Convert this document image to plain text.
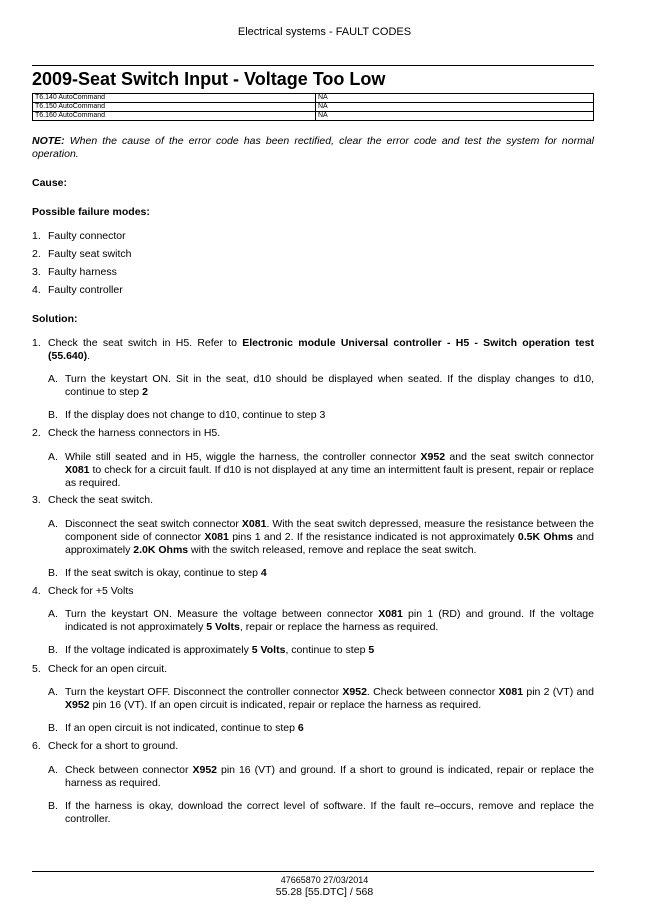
Electrical systems - FAULT CODES
2009-Seat Switch Input - Voltage Too Low
T6.140 AutoCommand	NA
T6.150 AutoCommand	NA
T6.160 AutoCommand	NA
NOTE: When the cause of the error code has been rectified, clear the error code and test the system for normal operation.
Cause:
Possible failure modes:
1. Faulty connector
2. Faulty seat switch
3. Faulty harness
4. Faulty controller
Solution:
1. Check the seat switch in H5. Refer to Electronic module Universal controller - H5 - Switch operation test (55.640).
A. Turn the keystart ON. Sit in the seat, d10 should be displayed when seated. If the display changes to d10, continue to step 2
B. If the display does not change to d10, continue to step 3
2. Check the harness connectors in H5.
A. While still seated and in H5, wiggle the harness, the controller connector X952 and the seat switch connector X081 to check for a circuit fault. If d10 is not displayed at any time an intermittent fault is present, repair or replace as required.
3. Check the seat switch.
A. Disconnect the seat switch connector X081. With the seat switch depressed, measure the resistance between the component side of connector X081 pins 1 and 2. If the resistance indicated is not approximately 0.5K Ohms and approximately 2.0K Ohms with the switch released, remove and replace the seat switch.
B. If the seat switch is okay, continue to step 4
4. Check for +5 Volts
A. Turn the keystart ON. Measure the voltage between connector X081 pin 1 (RD) and ground. If the voltage indicated is not approximately 5 Volts, repair or replace the harness as required.
B. If the voltage indicated is approximately 5 Volts, continue to step 5
5. Check for an open circuit.
A. Turn the keystart OFF. Disconnect the controller connector X952. Check between connector X081 pin 2 (VT) and X952 pin 16 (VT). If an open circuit is indicated, repair or replace the harness as required.
B. If an open circuit is not indicated, continue to step 6
6. Check for a short to ground.
A. Check between connector X952 pin 16 (VT) and ground. If a short to ground is indicated, repair or replace the harness as required.
B. If the harness is okay, download the correct level of software. If the fault re–occurs, remove and replace the controller.
47665870 27/03/2014
55.28 [55.DTC] / 568
